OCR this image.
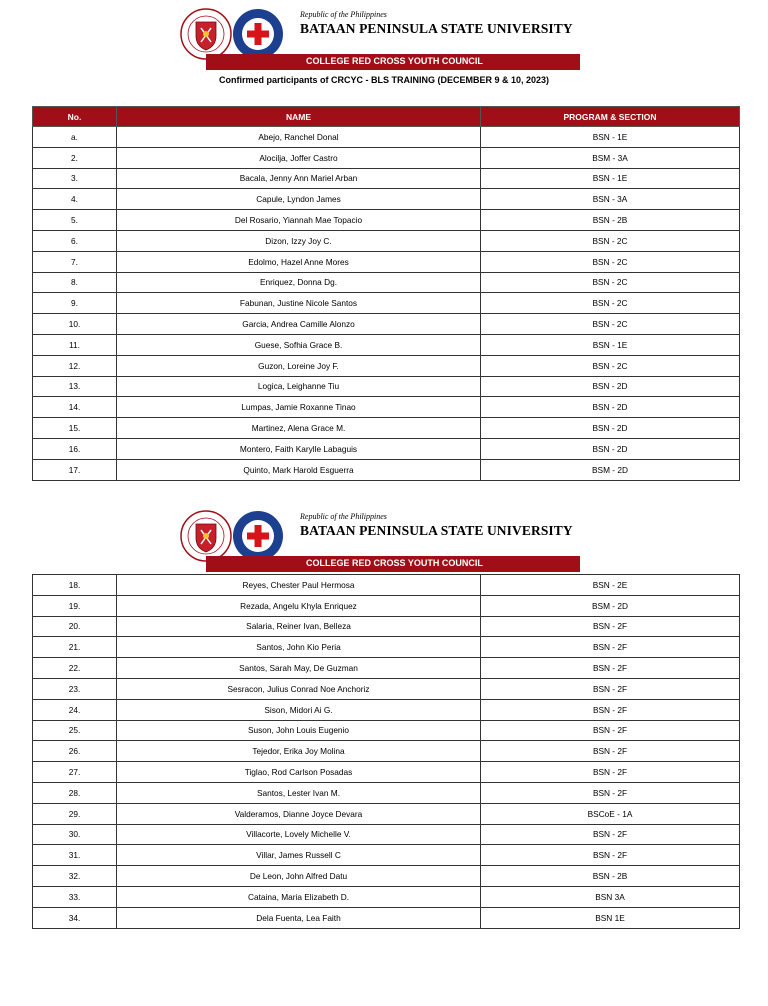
Republic of the Philippines
BATAAN PENINSULA STATE UNIVERSITY
COLLEGE RED CROSS YOUTH COUNCIL
Confirmed participants of CRCYC - BLS TRAINING (DECEMBER 9 & 10, 2023)
No.	NAME	PROGRAM & SECTION
a.	Abejo, Ranchel Donal	BSN - 1E
2.	Alocilja, Joffer Castro	BSM - 3A
3.	Bacala, Jenny Ann Mariel Arban	BSN - 1E
4.	Capule, Lyndon James	BSN - 3A
5.	Del Rosario, Yiannah Mae Topacio	BSN - 2B
6.	Dizon, Izzy Joy C.	BSN - 2C
7.	Edolmo, Hazel Anne Mores	BSN - 2C
8.	Enriquez, Donna Dg.	BSN - 2C
9.	Fabunan, Justine Nicole Santos	BSN - 2C
10.	Garcia, Andrea Camille Alonzo	BSN - 2C
11.	Guese, Sofhia Grace B.	BSN - 1E
12.	Guzon, Loreine Joy F.	BSN - 2C
13.	Logica, Leighanne Tiu	BSN - 2D
14.	Lumpas, Jamie Roxanne Tinao	BSN - 2D
15.	Martinez, Alena Grace M.	BSN - 2D
16.	Montero, Faith Karylle Labaguis	BSN - 2D
17.	Quinto, Mark Harold Esguerra	BSM - 2D
Republic of the Philippines
BATAAN PENINSULA STATE UNIVERSITY
COLLEGE RED CROSS YOUTH COUNCIL
18.	Reyes, Chester Paul Hermosa	BSN - 2E
19.	Rezada, Angelu Khyla Enriquez	BSM - 2D
20.	Salaria, Reiner Ivan, Belleza	BSN - 2F
21.	Santos, John Kio Peria	BSN - 2F
22.	Santos, Sarah May, De Guzman	BSN - 2F
23.	Sesracon, Julius Conrad Noe Anchoriz	BSN - 2F
24.	Sison, Midori Ai G.	BSN - 2F
25.	Suson, John Louis Eugenio	BSN - 2F
26.	Tejedor, Erika Joy Molina	BSN - 2F
27.	Tiglao, Rod Carlson Posadas	BSN - 2F
28.	Santos, Lester Ivan M.	BSN - 2F
29.	Valderamos, Dianne Joyce Devara	BSCoE - 1A
30.	Villacorte, Lovely Michelle V.	BSN - 2F
31.	Villar, James Russell C	BSN - 2F
32.	De Leon, John Alfred Datu	BSN - 2B
33.	Cataina, Maria Elizabeth D.	BSN 3A
34.	Dela Fuenta, Lea Faith	BSN 1E
